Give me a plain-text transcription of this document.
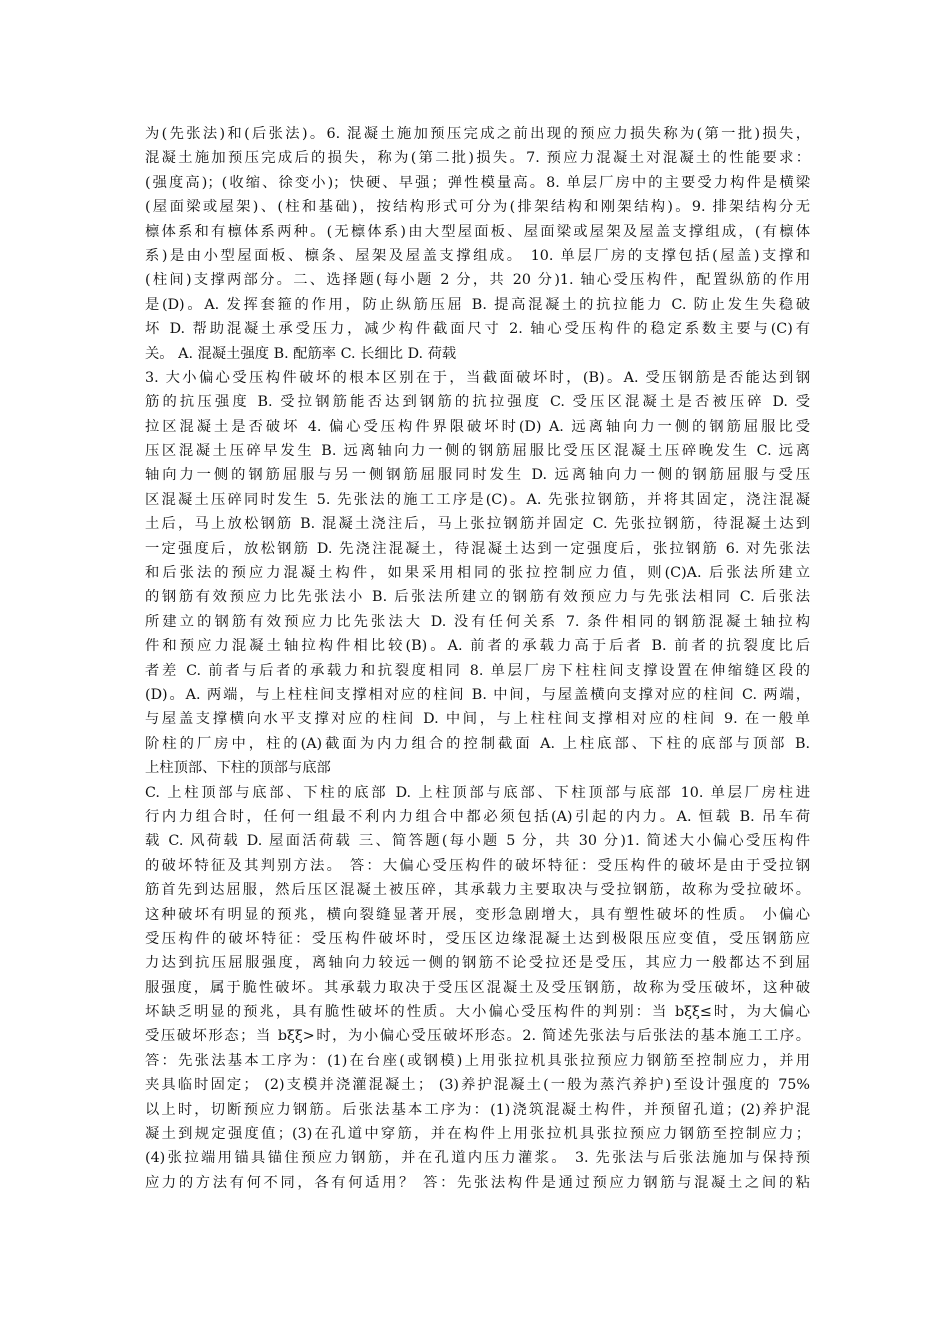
为(先张法)和(后张法)。6. 混凝土施加预压完成之前出现的预应力损失称为(第一批)损失，
混凝土施加预压完成后的损失，称为(第二批)损失。7. 预应力混凝土对混凝土的性能要求：
(强度高)；(收缩、徐变小)；快硬、早强；弹性模量高。8. 单层厂房中的主要受力构件是横梁
(屋面梁或屋架)、(柱和基础)，按结构形式可分为(排架结构和刚架结构)。9. 排架结构分无
檩体系和有檩体系两种。(无檩体系)由大型屋面板、屋面梁或屋架及屋盖支撑组成，(有檩体
系)是由小型屋面板、檩条、屋架及屋盖支撑组成。 10. 单层厂房的支撑包括(屋盖)支撑和
(柱间)支撑两部分。二、选择题(每小题 2 分，共 20 分)1. 轴心受压构件，配置纵筋的作用
是(D)。A. 发挥套箍的作用，防止纵筋压屈 B. 提高混凝土的抗拉能力 C. 防止发生失稳破
坏 D. 帮助混凝土承受压力，减少构件截面尺寸 2. 轴心受压构件的稳定系数主要与(C)有
关。 A. 混凝土强度 B. 配筋率 C. 长细比 D. 荷载
3. 大小偏心受压构件破坏的根本区别在于，当截面破坏时，(B)。A. 受压钢筋是否能达到钢
筋的抗压强度 B. 受拉钢筋能否达到钢筋的抗拉强度 C. 受压区混凝土是否被压碎 D. 受
拉区混凝土是否破坏 4. 偏心受压构件界限破坏时(D) A. 远离轴向力一侧的钢筋屈服比受
压区混凝土压碎早发生 B. 远离轴向力一侧的钢筋屈服比受压区混凝土压碎晚发生 C. 远离
轴向力一侧的钢筋屈服与另一侧钢筋屈服同时发生 D. 远离轴向力一侧的钢筋屈服与受压
区混凝土压碎同时发生 5. 先张法的施工工序是(C)。A. 先张拉钢筋，并将其固定，浇注混凝
土后，马上放松钢筋 B. 混凝土浇注后，马上张拉钢筋并固定 C. 先张拉钢筋，待混凝土达到
一定强度后，放松钢筋 D. 先浇注混凝土，待混凝土达到一定强度后，张拉钢筋 6. 对先张法
和后张法的预应力混凝土构件，如果采用相同的张拉控制应力值，则(C)A. 后张法所建立
的钢筋有效预应力比先张法小 B. 后张法所建立的钢筋有效预应力与先张法相同 C. 后张法
所建立的钢筋有效预应力比先张法大 D. 没有任何关系 7. 条件相同的钢筋混凝土轴拉构
件和预应力混凝土轴拉构件相比较(B)。A. 前者的承载力高于后者 B. 前者的抗裂度比后
者差 C. 前者与后者的承载力和抗裂度相同 8. 单层厂房下柱柱间支撑设置在伸缩缝区段的
(D)。A. 两端，与上柱柱间支撑相对应的柱间 B. 中间，与屋盖横向支撑对应的柱间 C. 两端，
与屋盖支撑横向水平支撑对应的柱间 D. 中间，与上柱柱间支撑相对应的柱间 9. 在一般单
阶柱的厂房中，柱的(A)截面为内力组合的控制截面 A. 上柱底部、下柱的底部与顶部 B.
上柱顶部、下柱的顶部与底部
C. 上柱顶部与底部、下柱的底部 D. 上柱顶部与底部、下柱顶部与底部 10. 单层厂房柱进
行内力组合时，任何一组最不利内力组合中都必须包括(A)引起的内力。A. 恒载 B. 吊车荷
载 C. 风荷载 D. 屋面活荷载 三、简答题(每小题 5 分，共 30 分)1. 简述大小偏心受压构件
的破坏特征及其判别方法。 答：大偏心受压构件的破坏特征：受压构件的破坏是由于受拉钢
筋首先到达屈服，然后压区混凝土被压碎，其承载力主要取决与受拉钢筋，故称为受拉破坏。
这种破坏有明显的预兆，横向裂缝显著开展，变形急剧增大，具有塑性破坏的性质。 小偏心
受压构件的破坏特征：受压构件破坏时，受压区边缘混凝土达到极限压应变值，受压钢筋应
力达到抗压屈服强度，离轴向力较远一侧的钢筋不论受拉还是受压，其应力一般都达不到屈
服强度，属于脆性破坏。其承载力取决于受压区混凝土及受压钢筋，故称为受压破坏，这种破
坏缺乏明显的预兆，具有脆性破坏的性质。大小偏心受压构件的判别：当 bξξ≤时，为大偏心
受压破坏形态；当 bξξ>时，为小偏心受压破坏形态。2. 简述先张法与后张法的基本施工工序。
答：先张法基本工序为：(1)在台座(或钢模)上用张拉机具张拉预应力钢筋至控制应力，并用
夹具临时固定； (2)支模并浇灌混凝土； (3)养护混凝土(一般为蒸汽养护)至设计强度的 75%
以上时，切断预应力钢筋。后张法基本工序为：(1)浇筑混凝土构件，并预留孔道；(2)养护混
凝土到规定强度值；(3)在孔道中穿筋，并在构件上用张拉机具张拉预应力钢筋至控制应力；
(4)张拉端用锚具锚住预应力钢筋，并在孔道内压力灌浆。 3. 先张法与后张法施加与保持预
应力的方法有何不同，各有何适用？ 答：先张法构件是通过预应力钢筋与混凝土之间的粘
